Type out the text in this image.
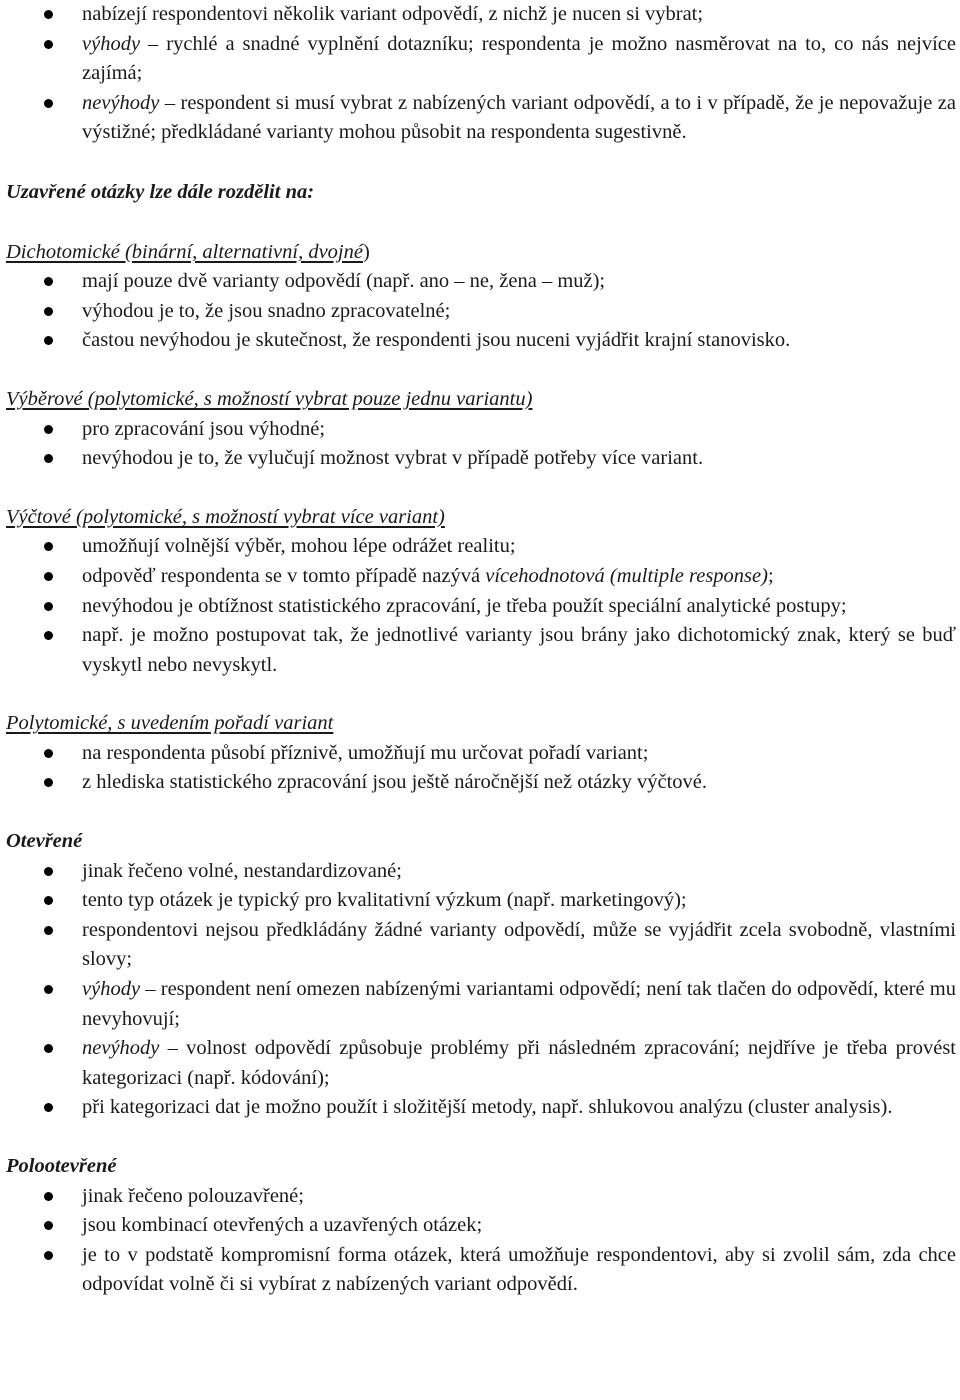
nabízejí respondentovi několik variant odpovědí, z nichž je nucen si vybrat;
výhody – rychlé a snadné vyplnění dotazníku; respondenta je možno nasměrovat na to, co nás nejvíce zajímá;
nevýhody – respondent si musí vybrat z nabízených variant odpovědí, a to i v případě, že je nepovažuje za výstižné; předkládané varianty mohou působit na respondenta sugestivně.

Uzavřené otázky lze dále rozdělit na:

Dichotomické (binární, alternativní, dvojné)

mají pouze dvě varianty odpovědí (např. ano – ne, žena – muž);
výhodou je to, že jsou snadno zpracovatelné;
častou nevýhodou je skutečnost, že respondenti jsou nuceni vyjádřit krajní stanovisko.

Výběrové (polytomické, s možností vybrat pouze jednu variantu)

pro zpracování jsou výhodné;
nevýhodou je to, že vylučují možnost vybrat v případě potřeby více variant.

Výčtové (polytomické, s možností vybrat více variant)

umožňují volnější výběr, mohou lépe odrážet realitu;
odpověď respondenta se v tomto případě nazývá vícehodnotová (multiple response);
nevýhodou je obtížnost statistického zpracování, je třeba použít speciální analytické postupy;
např. je možno postupovat tak, že jednotlivé varianty jsou brány jako dichotomický znak, který se buď vyskytl nebo nevyskytl.

Polytomické, s uvedením pořadí variant

na respondenta působí příznivě, umožňují mu určovat pořadí variant;
z hlediska statistického zpracování jsou ještě náročnější než otázky výčtové.

Otevřené

jinak řečeno volné, nestandardizované;
tento typ otázek je typický pro kvalitativní výzkum (např. marketingový);
respondentovi nejsou předkládány žádné varianty odpovědí, může se vyjádřit zcela svobodně, vlastními slovy;
výhody – respondent není omezen nabízenými variantami odpovědí; není tak tlačen do odpovědí, které mu nevyhovují;
nevýhody – volnost odpovědí způsobuje problémy při následném zpracování; nejdříve je třeba provést kategorizaci (např. kódování);
při kategorizaci dat je možno použít i složitější metody, např. shlukovou analýzu (cluster analysis).

Polootevřené

jinak řečeno polouzavřené;
jsou kombinací otevřených a uzavřených otázek;
je to v podstatě kompromisní forma otázek, která umožňuje respondentovi, aby si zvolil sám, zda chce odpovídat volně či si vybírat z nabízených variant odpovědí.
